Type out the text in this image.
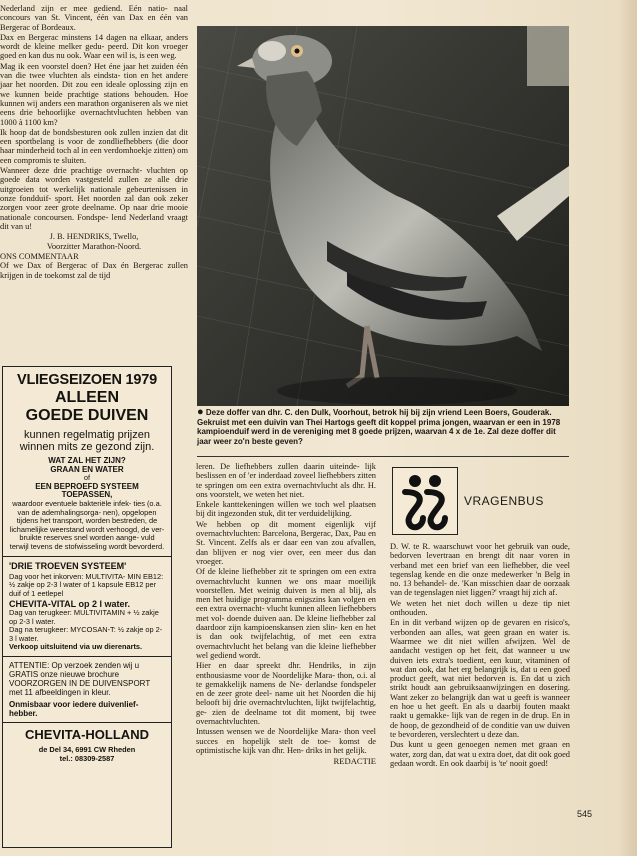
Nederland zijn er mee gediend. Eén natio- naal concours van St. Vincent, één van Dax en één van Bergerac of Bordeaux.

Dax en Bergerac minstens 14 dagen na elkaar, anders wordt de kleine melker gedu- peerd. Dit kon vroeger goed en kan dus nu ook. Waar een wil is, is een weg.

Mag ik een voorstel doen? Het éne jaar het zuiden één van die twee vluchten als eindsta- tion en het andere jaar het noorden. Dit zou een ideale oplossing zijn en we kunnen beide prachtige stations behouden. Hoe kunnen wij anders een marathon organiseren als we niet eens drie behoorlijke overnachtvluchten hebben van 1000 à 1100 km?

Ik hoop dat de bondsbesturen ook zullen inzien dat dit een sportbelang is voor de zondliefhebbers (die door haar minderheid toch al in een verdomhoekje zitten) om een compromis te sluiten.

Wanneer deze drie prachtige overnacht- vluchten op goede data worden vastgesteld zullen ze alle drie uitgroeien tot werkelijk nationale gebeurtenissen in onze fondduif- sport. Het noorden zal dan ook zeker zorgen voor zeer grote deelname. Op naar drie mooie nationale concoursen. Fondspe- lend Nederland vraagt dit van u!

J. B. HENDRIKS, Twello,
Voorzitter Marathon-Noord.
ONS COMMENTAAR

Of we Dax of Bergerac of Dax én Bergerac zullen krijgen in de toekomst zal de tijd

VLIEGSEIZOEN 1979
ALLEEN
GOEDE DUIVEN
kunnen regelmatig prijzen
winnen mits ze gezond zijn.
WAT ZAL HET ZIJN?
GRAAN EN WATER
of
EEN BEPROEFD SYSTEEM
TOEPASSEN,
waardoor eventuele bakteriële infek- ties (o.a. van de ademhalingsorga- nen), opgelopen tijdens het transport, worden bestreden, de lichamelijke weerstand wordt verhoogd, de ver- bruikte reserves snel worden aange- vuld terwijl tevens de stofwisseling wordt bevorderd.
'DRIE TROEVEN SYSTEEM'
Dag voor het inkorven: MULTIVITA- MIN EB12: ½ zakje op 2-3 l water of 1 kapsule EB12 per duif of 1 eetlepel
CHEVITA-VITAL op 2 l water.
Dag van terugkeer: MULTIVITAMIN + ½ zakje op 2-3 l water.
Dag na terugkeer: MYCOSAN-T: ½ zakje op 2-3 l water.
Verkoop uitsluitend via uw dierenarts.
ATTENTIE: Op verzoek zenden wij u GRATIS onze nieuwe brochure VOORZORGEN IN DE DUIVENSPORT met 11 afbeeldingen in kleur.
Onmisbaar voor iedere duivenlief- hebber.
CHEVITA-HOLLAND
de Del 34, 6991 CW Rheden
tel.: 08309-2587
● Deze doffer van dhr. C. den Dulk, Voorhout, betrok hij bij zijn vriend Leen Boers, Gouderak. Gekruist met een duivin van Thei Hartogs geeft dit koppel prima jongen, waarvan er een in 1978 kampioenduif werd in de vereniging met 8 goede prijzen, waarvan 4 x de 1e. Zal deze doffer dit jaar weer zo'n beste geven?

leren. De liefhebbers zullen daarin uiteinde- lijk beslissen en of 'er inderdaad zoveel liefhebbers zitten te springen om een extra overnachtvlucht als dhr. H. ons voorstelt, we weten het niet.

Enkele kanttekeningen willen we toch wel plaatsen bij dit ingezonden stuk, dit ter verduidelijking.

We hebben op dit moment eigenlijk vijf overnachtvluchten: Barcelona, Bergerac, Dax, Pau en St. Vincent. Zelfs als er daar een van zou afvallen, dan blijven er nog vier over, een meer dus dan vroeger.

Of de kleine liefhebber zit te springen om een extra overnachtvlucht kunnen we ons maar moeilijk voorstellen. Met weinig duiven is men al blij, als men het huidige programma enigszins kan volgen en een extra overnacht- vlucht kunnen alleen liefhebbers met vol- doende duiven aan. De kleine liefhebber zal daardoor zijn kampioenskansen zien slin- ken en het is dan ook twijfelachtig, of met een extra overnachtvlucht het belang van die kleine liefhebber wel gediend wordt.

Hier en daar spreekt dhr. Hendriks, in zijn enthousiasme voor de Noordelijke Mara- thon, o.i. al te gemakkelijk namens de Ne- derlandse fondspeler en de zeer grote deel- name uit het Noorden die hij belooft bij drie overnachtvluchten, lijkt twijfelachtig, ge- zien de deelname tot dit moment, bij twee overnachtvluchten.

Intussen wensen we de Noordelijke Mara- thon veel succes en hopelijk stelt de toe- komst de optimistische kijk van dhr. Hen- driks in het gelijk.

REDACTIE
VRAGENBUS

D. W. te R. waarschuwt voor het gebruik van oude, bedorven levertraan en brengt dit naar voren in verband met een brief van een liefhebber, die veel tegenslag kende en die onze medewerker 'n Belg in no. 13 behandel- de. 'Kan misschien daar de oorzaak van de tegenslagen niet liggen?' vraagt hij zich af.

We weten het niet doch willen u deze tip niet onthouden.

En in dit verband wijzen op de gevaren en risico's, verbonden aan alles, wat geen graan en water is. Waarmee we dit niet willen afwijzen. Wel de aandacht vestigen op het feit, dat wanneer u uw duiven iets extra's toedient, een kuur, vitaminen of wat dan ook, dat het erg belangrijk is, dat u een goed product geeft, wat niet bedorven is. En dat u zich strikt houdt aan gebruiksaanwijzingen en dosering. Want zeker zo belangrijk dan wat u geeft is wanneer en hoe u het geeft. En als u daarbij fouten maakt raakt u gemakke- lijk van de regen in de drup. En in de hoop, de gezondheid of de conditie van uw duiven te bevorderen, verslechtert u deze dan.

Dus kunt u geen genoegen nemen met graan en water, zorg dan, dat wat u extra doet, dat dit ook goed gedaan wordt. En ook daarbij is 'te' nooit goed!

545
